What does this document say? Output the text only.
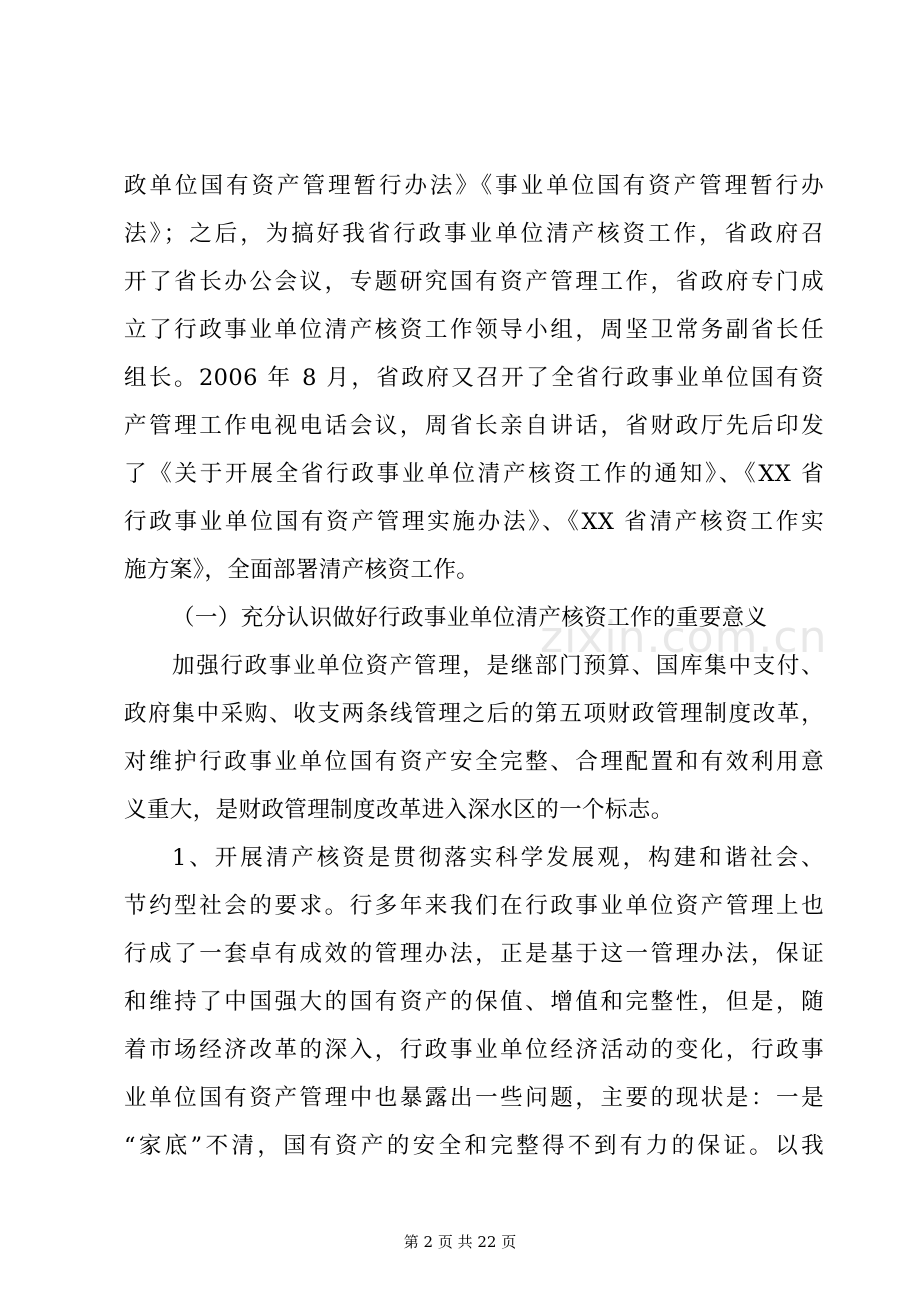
政单位国有资产管理暂行办法》《事业单位国有资产管理暂行办
法》；之后，为搞好我省行政事业单位清产核资工作，省政府召
开了省长办公会议，专题研究国有资产管理工作，省政府专门成
立了行政事业单位清产核资工作领导小组，周坚卫常务副省长任
组长。2006 年 8 月，省政府又召开了全省行政事业单位国有资
产管理工作电视电话会议，周省长亲自讲话，省财政厅先后印发
了《关于开展全省行政事业单位清产核资工作的通知》、《XX 省
行政事业单位国有资产管理实施办法》、《XX 省清产核资工作实
施方案》，全面部署清产核资工作。
（一）充分认识做好行政事业单位清产核资工作的重要意义
加强行政事业单位资产管理，是继部门预算、国库集中支付、
政府集中采购、收支两条线管理之后的第五项财政管理制度改革，
对维护行政事业单位国有资产安全完整、合理配置和有效利用意
义重大，是财政管理制度改革进入深水区的一个标志。
1、开展清产核资是贯彻落实科学发展观，构建和谐社会、
节约型社会的要求。行多年来我们在行政事业单位资产管理上也
行成了一套卓有成效的管理办法，正是基于这一管理办法，保证
和维持了中国强大的国有资产的保值、增值和完整性，但是，随
着市场经济改革的深入，行政事业单位经济活动的变化，行政事
业单位国有资产管理中也暴露出一些问题，主要的现状是：一是
“家底”不清，国有资产的安全和完整得不到有力的保证。以我
zixin.com.cn
第 2 页 共 22 页
